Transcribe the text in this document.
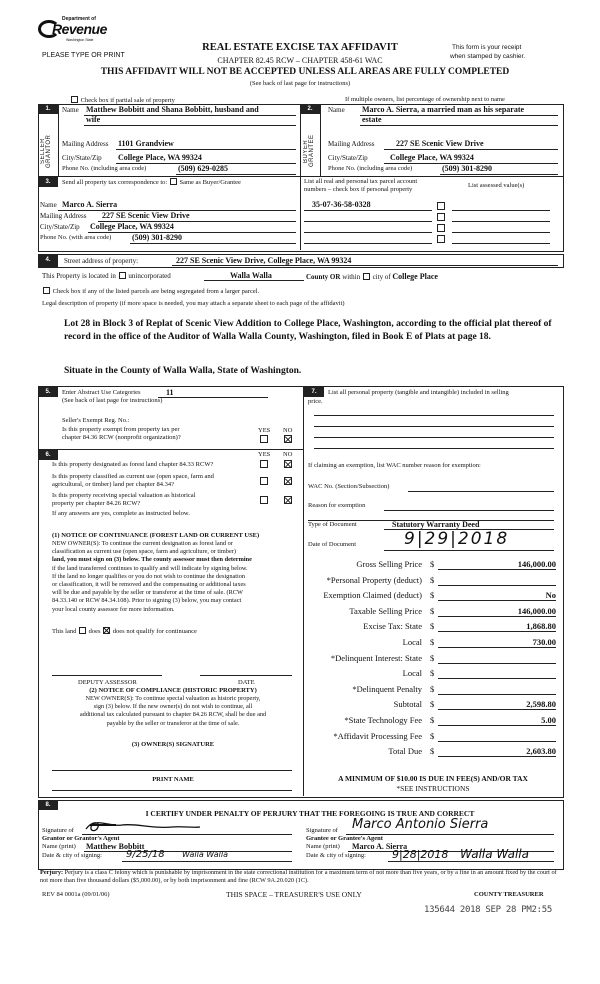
Department of
Revenue
Washington State
PLEASE TYPE OR PRINT
REAL ESTATE EXCISE TAX AFFIDAVIT
CHAPTER 82.45 RCW – CHAPTER 458-61 WAC
This form is your receipt
when stamped by cashier.
THIS AFFIDAVIT WILL NOT BE ACCEPTED UNLESS ALL AREAS ARE FULLY COMPLETED
(See back of last page for instructions)
Check box if partial sale of property	If multiple owners, list percentage of ownership next to name
1.
SELLER GRANTOR
Name Matthew Bobbitt and Shana Bobbitt, husband and
wife
Mailing Address 1101 Grandview
City/State/Zip College Place, WA 99324
Phone No. (including area code)	(509) 629-0285
2.
BUYER GRANTEE
Name Marco A. Sierra, a married man as his separate
estate
Mailing Address	227 SE Scenic View Drive
City/State/Zip	College Place, WA 99324
Phone No. (including area code)	(509) 301-8290
3.	Send all property tax correspondence to: Same as Buyer/Grantee
Name Marco A. Sierra
Mailing Address 227 SE Scenic View Drive
City/State/Zip College Place, WA 99324
Phone No. (with area code)	(509) 301-8290
List all real and personal tax parcel account
numbers – check box if personal property
List assessed value(s)
35-07-36-58-0328
4.	Street address of property:	227 SE Scenic View Drive, College Place, WA 99324
This Property is located in unincorporated	Walla Walla	County OR within city of College Place
Check box if any of the listed parcels are being segregated from a larger parcel.
Legal description of property (if more space is needed, you may attach a separate sheet to each page of the affidavit)
Lot 28 in Block 3 of Replat of Scenic View Addition to College Place, Washington, according to the official plat thereof of record in the office of the Auditor of Walla Walla County, Washington, filed in Book E of Plats at page 18.
Situate in the County of Walla Walla, State of Washington.
5.	Enter Abstract Use Categories	11
(See back of last page for instructions)
Seller's Exempt Reg. No.:
YES NO
Is this property exempt from property tax per
chapter 84.36 RCW (nonprofit organization)?
6.	YES NO
Is this property designated as forest land chapter 84.33 RCW?
Is this property classified as current use (open space, farm and
agricultural, or timber) land per chapter 84.34?
Is this property receiving special valuation as historical
property per chapter 84.26 RCW?
If any answers are yes, complete as instructed below.
(1) NOTICE OF CONTINUANCE (FOREST LAND OR CURRENT USE)
NEW OWNER(S): To continue the current designation as forest land or
classification as current use (open space, farm and agriculture, or timber)
land, you must sign on (3) below. The county assessor must then determine
if the land transferred continues to qualify and will indicate by signing below.
If the land no longer qualifies or you do not wish to continue the designation
or classification, it will be removed and the compensating or additional taxes
will be due and payable by the seller or transferor at the time of sale. (RCW
84.33.140 or RCW 84.34.108). Prior to signing (3) below, you may contact
your local county assessor for more information.
This land does does not qualify for continuance
DEPUTY ASSESSOR	DATE
(2) NOTICE OF COMPLIANCE (HISTORIC PROPERTY)
NEW OWNER(S): To continue special valuation as historic property,
sign (3) below. If the new owner(s) do not wish to continue, all
additional tax calculated pursuant to chapter 84.26 RCW, shall be due and
payable by the seller or transferor at the time of sale.
(3) OWNER(S) SIGNATURE
PRINT NAME
7.	List all personal property (tangible and intangible) included in selling
price.
If claiming an exemption, list WAC number reason for exemption:
WAC No. (Section/Subsection)
Reason for exemption
Type of Document	Statutory Warranty Deed
Date of Document	9|29|2018
Gross Selling Price $	146,000.00
*Personal Property (deduct) $
Exemption Claimed (deduct) $	No
Taxable Selling Price $	146,000.00
Excise Tax: State $	1,868.80
Local $	730.00
*Delinquent Interest: State $
Local $
*Delinquent Penalty $
Subtotal $	2,598.80
*State Technology Fee $	5.00
*Affidavit Processing Fee $
Total Due $	2,603.80
A MINIMUM OF $10.00 IS DUE IN FEE(S) AND/OR TAX
*SEE INSTRUCTIONS
8.
I CERTIFY UNDER PENALTY OF PERJURY THAT THE FOREGOING IS TRUE AND CORRECT
Signature of
Grantor or Grantor's Agent
Name (print) Matthew Bobbitt
Date & city of signing: 9/25/18 Walla Walla
Signature of Marco Antonio Sierra
Grantee or Grantee's Agent
Name (print) Marco A. Sierra
Date & city of signing: 9|28|2018 Walla Walla
Perjury: Perjury is a class C felony which is punishable by imprisonment in the state correctional institution for a maximum term of not more than five years, or by a fine in an amount fixed by the court of not more than five thousand dollars ($5,000.00), or by both imprisonment and fine (RCW 9A.20.020 (1C).
REV 84 0001a (09/01/06)	THIS SPACE – TREASURER'S USE ONLY	COUNTY TREASURER
135644 2018 SEP 28 PM2:55
